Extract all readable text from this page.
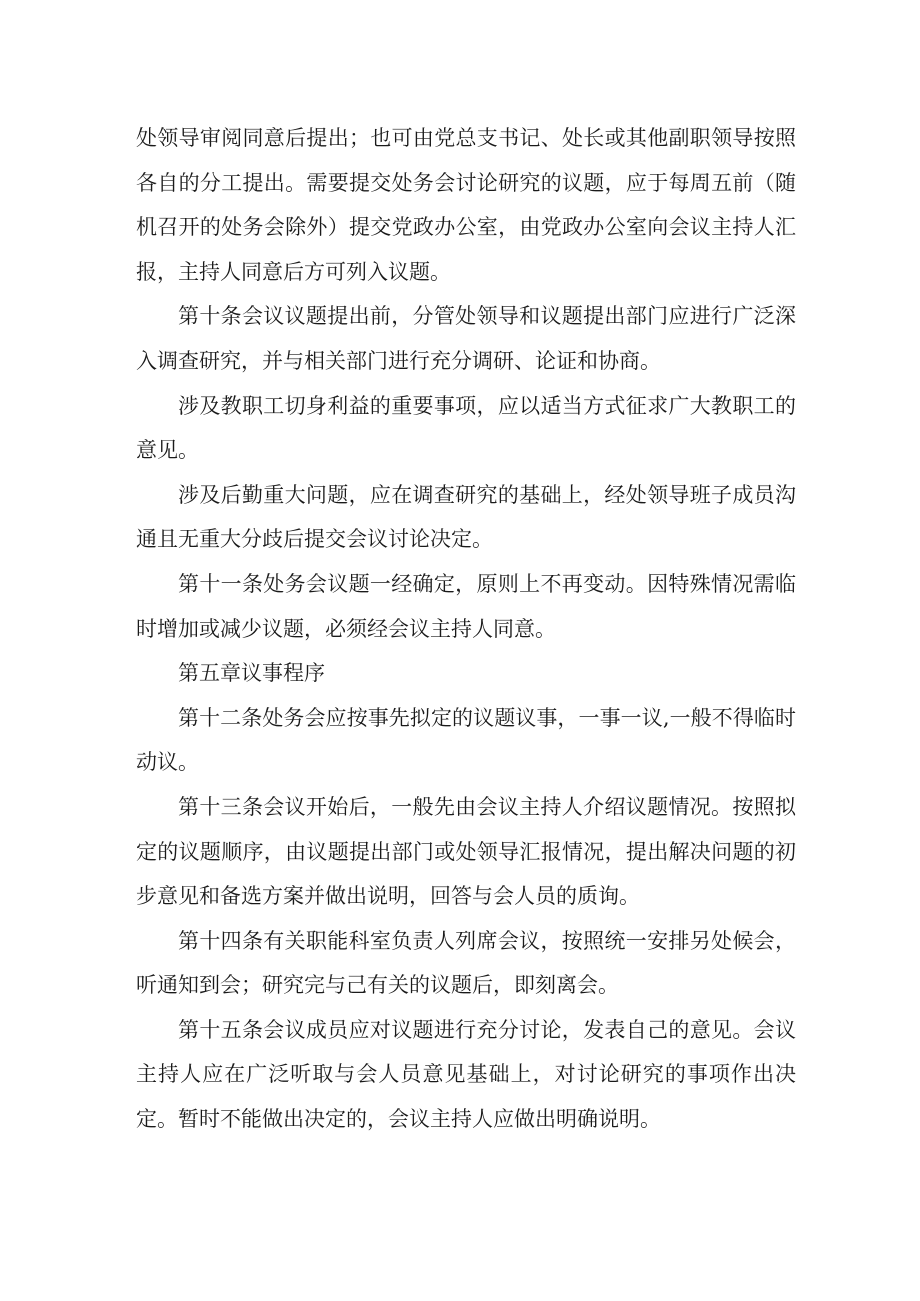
处领导审阅同意后提出；也可由党总支书记、处长或其他副职领导按照各自的分工提出。需要提交处务会讨论研究的议题，应于每周五前（随机召开的处务会除外）提交党政办公室，由党政办公室向会议主持人汇报，主持人同意后方可列入议题。

第十条会议议题提出前，分管处领导和议题提出部门应进行广泛深入调查研究，并与相关部门进行充分调研、论证和协商。

涉及教职工切身利益的重要事项，应以适当方式征求广大教职工的意见。

涉及后勤重大问题，应在调查研究的基础上，经处领导班子成员沟通且无重大分歧后提交会议讨论决定。

第十一条处务会议题一经确定，原则上不再变动。因特殊情况需临时增加或减少议题，必须经会议主持人同意。

第五章议事程序

第十二条处务会应按事先拟定的议题议事，一事一议,一般不得临时动议。

第十三条会议开始后，一般先由会议主持人介绍议题情况。按照拟定的议题顺序，由议题提出部门或处领导汇报情况，提出解决问题的初步意见和备选方案并做出说明，回答与会人员的质询。

第十四条有关职能科室负责人列席会议，按照统一安排另处候会，听通知到会；研究完与己有关的议题后，即刻离会。

第十五条会议成员应对议题进行充分讨论，发表自己的意见。会议主持人应在广泛听取与会人员意见基础上，对讨论研究的事项作出决定。暂时不能做出决定的，会议主持人应做出明确说明。
